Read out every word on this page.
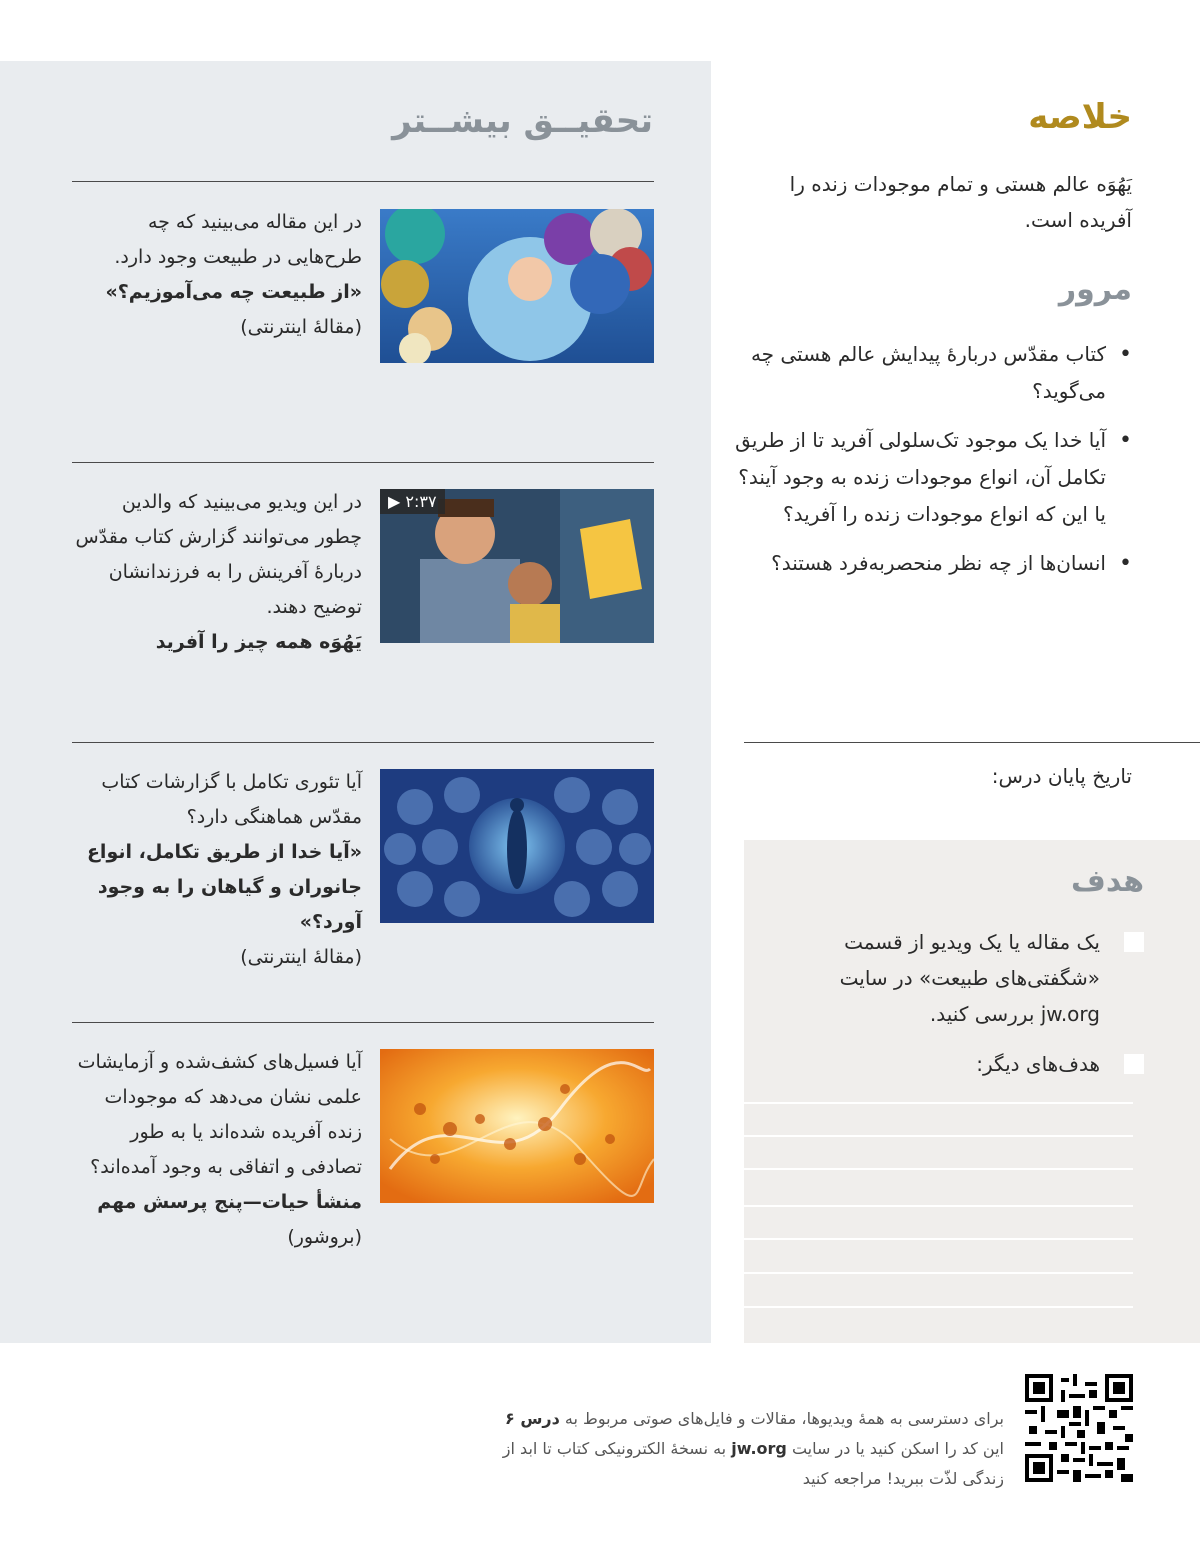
تحقیــق بیشــتر
در این مقاله می‌بینید که چه طرح‌هایی در طبیعت وجود دارد.
«از طبیعت چه می‌آموزیم؟»
(مقالهٔ اینترنتی)
▶ ۲:۳۷
در این ویدیو می‌بینید که والدین چطور می‌توانند گزارش کتاب مقدّس دربارهٔ آفرینش را به فرزندانشان توضیح دهند.
یَهُوَه همه چیز را آفرید
آیا تئوری تکامل با گزارشات کتاب مقدّس هماهنگی دارد؟
«آیا خدا از طریق تکامل، انواع جانوران و گیاهان را به وجود آورد؟»
(مقالهٔ اینترنتی)
آیا فسیل‌های کشف‌شده و آزمایشات علمی نشان می‌دهد که موجودات زنده آفریده شده‌اند یا به طور تصادفی و اتفاقی به وجود آمده‌اند؟
منشأ حیات—پنج پرسش مهم
(بروشور)
خلاصه

یَهُوَه عالم هستی و تمام موجودات زنده را آفریده است.

مرور
• کتاب مقدّس دربارهٔ پیدایش عالم هستی چه می‌گوید؟
• آیا خدا یک موجود تک‌سلولی آفرید تا از طریق تکامل آن، انواع موجودات زنده به وجود آیند؟ یا این که انواع موجودات زنده را آفرید؟
• انسان‌ها از چه نظر منحصربه‌فرد هستند؟
تاریخ پایان درس:
هدف
یک مقاله یا یک ویدیو از قسمت «شگفتی‌های طبیعت» در سایت jw.org بررسی کنید.
هدف‌های دیگر:

برای دسترسی به همهٔ ویدیوها، مقالات و فایل‌های صوتی مربوط به درس ۶ این کد را اسکن کنید یا در سایت jw.org به نسخهٔ الکترونیکی کتاب تا ابد از زندگی لذّت ببرید! مراجعه کنید
